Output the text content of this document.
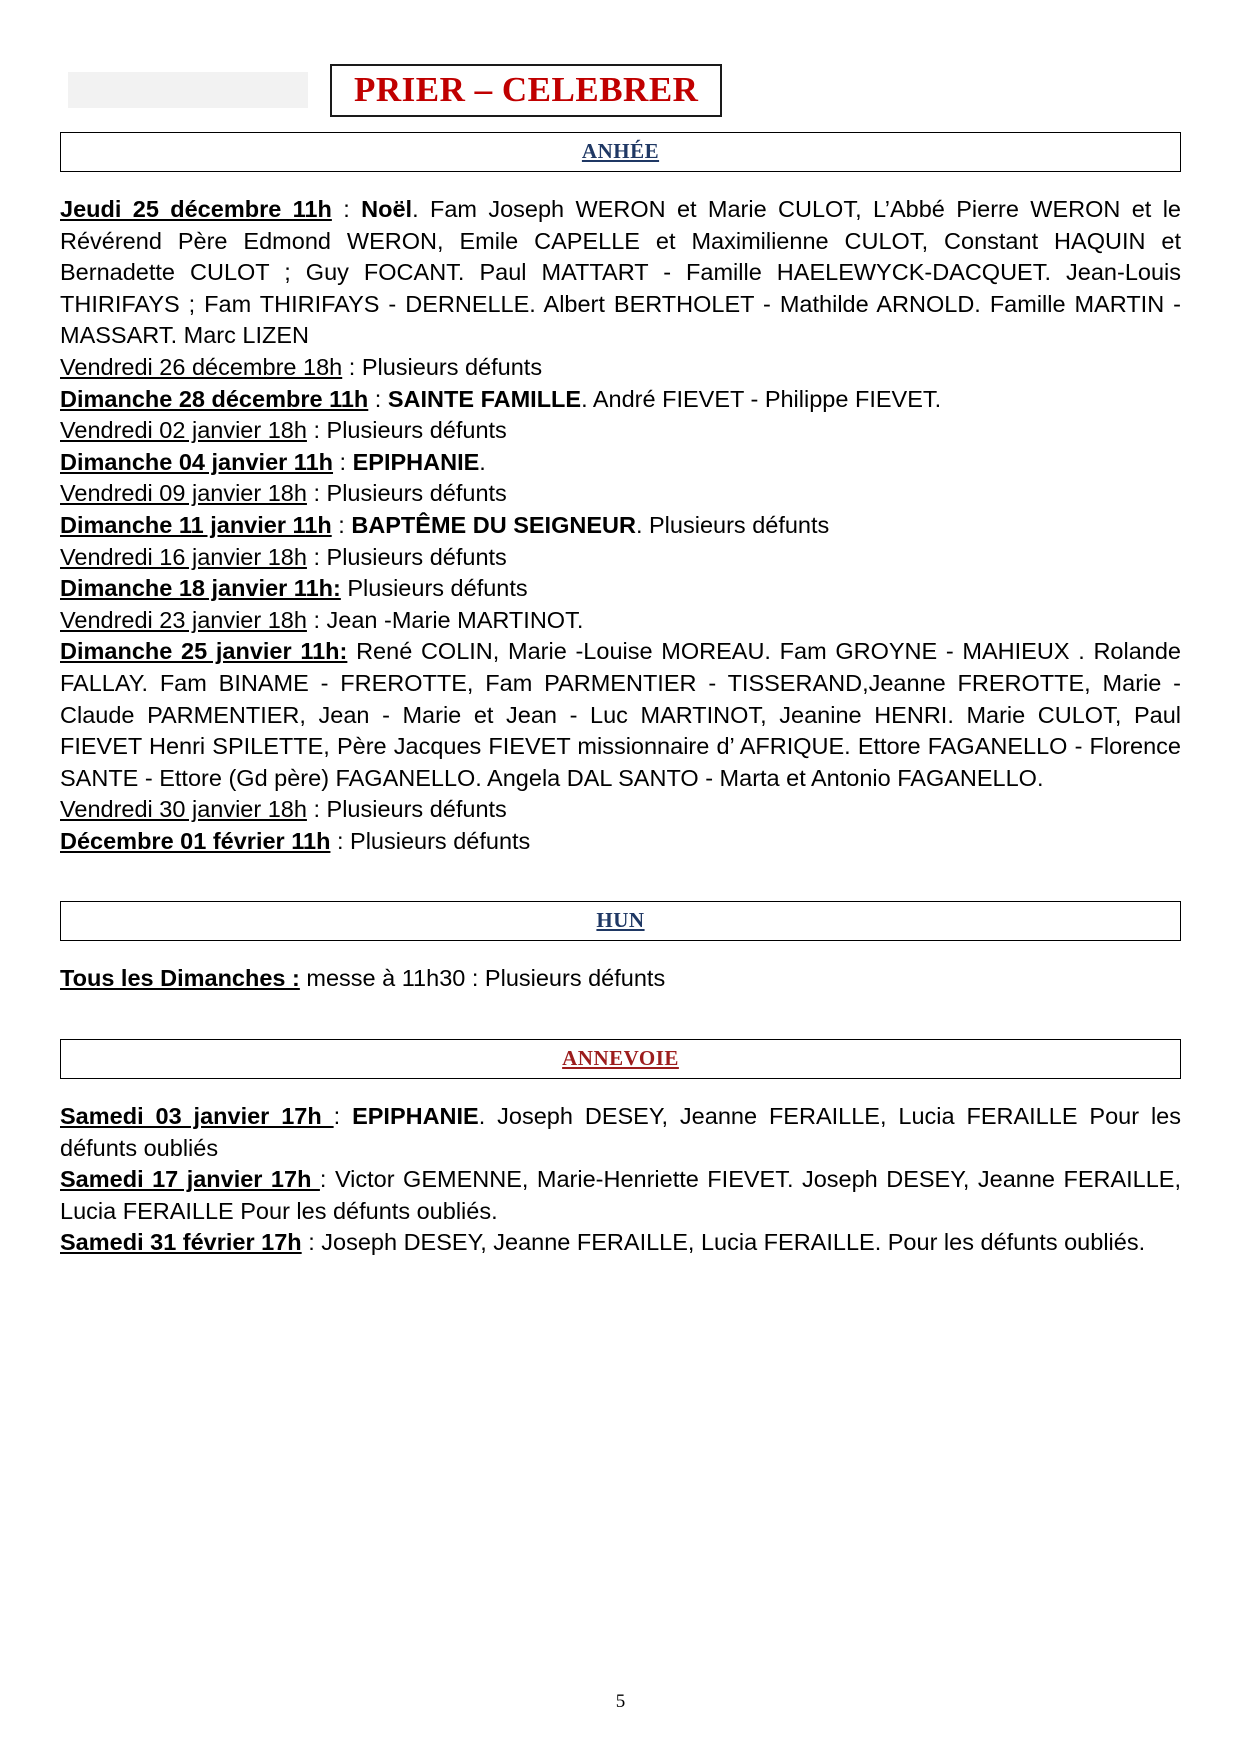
PRIER – CELEBRER
ANHÉE

Jeudi 25 décembre 11h : Noël. Fam Joseph WERON et Marie CULOT, L’Abbé Pierre WERON et le Révérend Père Edmond WERON, Emile CAPELLE et Maximilienne CULOT, Constant HAQUIN et Bernadette CULOT ; Guy FOCANT. Paul MATTART - Famille HAELEWYCK-DACQUET. Jean-Louis THIRIFAYS ; Fam THIRIFAYS - DERNELLE. Albert BERTHOLET - Mathilde ARNOLD. Famille MARTIN - MASSART. Marc LIZEN

Vendredi 26 décembre 18h : Plusieurs défunts

Dimanche 28 décembre 11h : SAINTE FAMILLE. André FIEVET - Philippe FIEVET.

Vendredi 02 janvier 18h : Plusieurs défunts

Dimanche 04 janvier 11h : EPIPHANIE.

Vendredi 09 janvier 18h : Plusieurs défunts

Dimanche 11 janvier 11h : BAPTÊME DU SEIGNEUR. Plusieurs défunts

Vendredi 16 janvier 18h : Plusieurs défunts

Dimanche 18 janvier 11h: Plusieurs défunts

Vendredi 23 janvier 18h : Jean -Marie MARTINOT.

Dimanche 25 janvier 11h: René COLIN, Marie -Louise MOREAU. Fam GROYNE - MAHIEUX . Rolande FALLAY. Fam BINAME - FREROTTE, Fam PARMENTIER - TISSERAND,Jeanne FREROTTE, Marie - Claude PARMENTIER, Jean - Marie et Jean - Luc MARTINOT, Jeanine HENRI. Marie CULOT, Paul FIEVET Henri SPILETTE, Père Jacques FIEVET missionnaire d’ AFRIQUE. Ettore FAGANELLO - Florence SANTE - Ettore (Gd père) FAGANELLO. Angela DAL SANTO - Marta et Antonio FAGANELLO.

Vendredi 30 janvier 18h : Plusieurs défunts

Décembre 01 février 11h : Plusieurs défunts

HUN

Tous les Dimanches : messe à 11h30 : Plusieurs défunts

ANNEVOIE

Samedi 03 janvier 17h : EPIPHANIE. Joseph DESEY, Jeanne FERAILLE, Lucia FERAILLE Pour les défunts oubliés

Samedi 17 janvier 17h : Victor GEMENNE, Marie-Henriette FIEVET. Joseph DESEY, Jeanne FERAILLE, Lucia FERAILLE Pour les défunts oubliés.

Samedi 31 février 17h : Joseph DESEY, Jeanne FERAILLE, Lucia FERAILLE. Pour les défunts oubliés.

5
